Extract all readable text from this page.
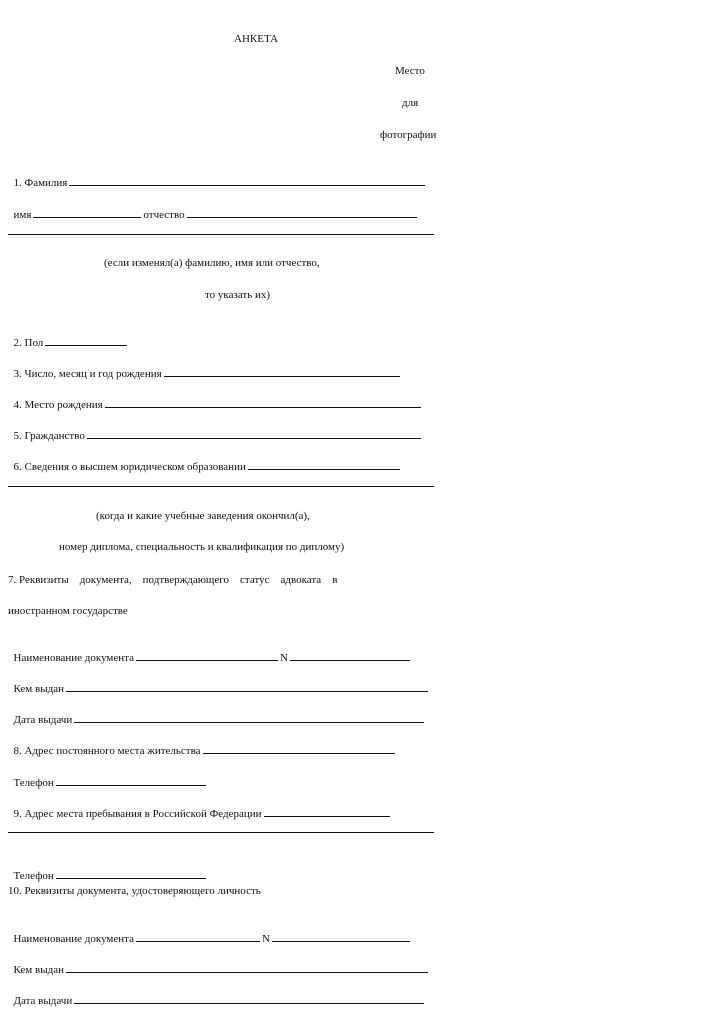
АНКЕТА
Место
для
фотографии

1. Фамилия

имя	отчество

(если изменял(а) фамилию, имя или отчество,
то указать их)

2. Пол

3. Число, месяц и год рождения

4. Место рождения

5. Гражданство

6. Сведения о высшем юридическом образовании

(когда и какие учебные заведения окончил(а),
номер диплома, специальность и квалификация по диплому)
7. Реквизиты    документа,    подтверждающего    статус    адвоката    в
иностранном государстве

Наименование документа	N

Кем выдан

Дата выдачи

8. Адрес постоянного места жительства

Телефон

9. Адрес места пребывания в Российской Федерации

Телефон

10. Реквизиты документа, удостоверяющего личность

Наименование документа	N

Кем выдан

Дата выдачи
